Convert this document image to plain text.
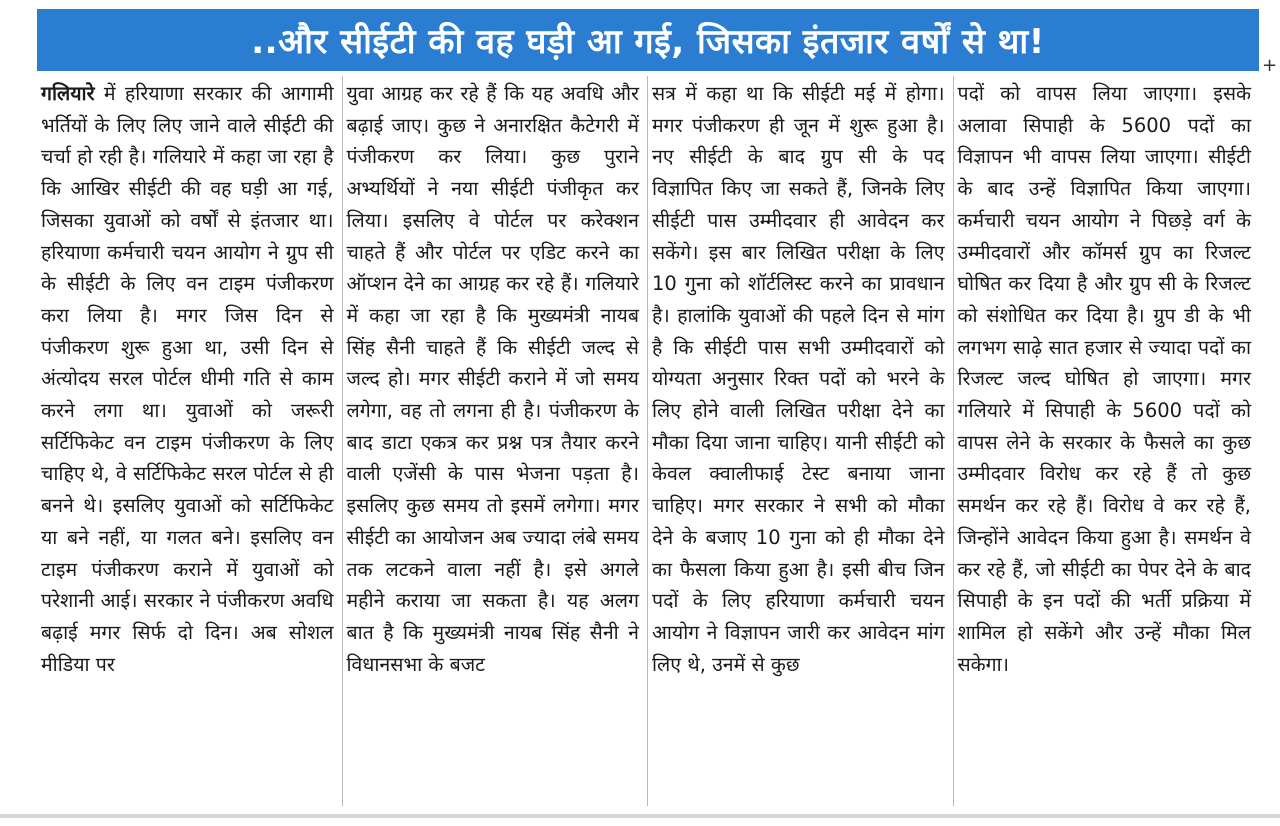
..और सीईटी की वह घड़ी आ गई, जिसका इंतजार वर्षों से था!
+

गलियारे में हरियाणा सरकार की आगामी भर्तियों के लिए लिए जाने वाले सीईटी की चर्चा हो रही है। गलियारे में कहा जा रहा है कि आखिर सीईटी की वह घड़ी आ गई, जिसका युवाओं को वर्षों से इंतजार था। हरियाणा कर्मचारी चयन आयोग ने ग्रुप सी के सीईटी के लिए वन टाइम पंजीकरण करा लिया है। मगर जिस दिन से पंजीकरण शुरू हुआ था, उसी दिन से अंत्योदय सरल पोर्टल धीमी गति से काम करने लगा था। युवाओं को जरूरी सर्टिफिकेट वन टाइम पंजीकरण के लिए चाहिए थे, वे सर्टिफिकेट सरल पोर्टल से ही बनने थे। इसलिए युवाओं को सर्टिफिकेट या बने नहीं, या गलत बने। इसलिए वन टाइम पंजीकरण कराने में युवाओं को परेशानी आई। सरकार ने पंजीकरण अवधि बढ़ाई मगर सिर्फ दो दिन। अब सोशल मीडिया पर

युवा आग्रह कर रहे हैं कि यह अवधि और बढ़ाई जाए। कुछ ने अनारक्षित कैटेगरी में पंजीकरण कर लिया। कुछ पुराने अभ्यर्थियों ने नया सीईटी पंजीकृत कर लिया। इसलिए वे पोर्टल पर करेक्शन चाहते हैं और पोर्टल पर एडिट करने का ऑप्शन देने का आग्रह कर रहे हैं। गलियारे में कहा जा रहा है कि मुख्यमंत्री नायब सिंह सैनी चाहते हैं कि सीईटी जल्द से जल्द हो। मगर सीईटी कराने में जो समय लगेगा, वह तो लगना ही है। पंजीकरण के बाद डाटा एकत्र कर प्रश्न पत्र तैयार करने वाली एजेंसी के पास भेजना पड़ता है। इसलिए कुछ समय तो इसमें लगेगा। मगर सीईटी का आयोजन अब ज्यादा लंबे समय तक लटकने वाला नहीं है। इसे अगले महीने कराया जा सकता है। यह अलग बात है कि मुख्यमंत्री नायब सिंह सैनी ने विधानसभा के बजट

सत्र में कहा था कि सीईटी मई में होगा। मगर पंजीकरण ही जून में शुरू हुआ है। नए सीईटी के बाद ग्रुप सी के पद विज्ञापित किए जा सकते हैं, जिनके लिए सीईटी पास उम्मीदवार ही आवेदन कर सकेंगे। इस बार लिखित परीक्षा के लिए 10 गुना को शॉर्टलिस्ट करने का प्रावधान है। हालांकि युवाओं की पहले दिन से मांग है कि सीईटी पास सभी उम्मीदवारों को योग्यता अनुसार रिक्त पदों को भरने के लिए होने वाली लिखित परीक्षा देने का मौका दिया जाना चाहिए। यानी सीईटी को केवल क्वालीफाई टेस्ट बनाया जाना चाहिए। मगर सरकार ने सभी को मौका देने के बजाए 10 गुना को ही मौका देने का फैसला किया हुआ है। इसी बीच जिन पदों के लिए हरियाणा कर्मचारी चयन आयोग ने विज्ञापन जारी कर आवेदन मांग लिए थे, उनमें से कुछ

पदों को वापस लिया जाएगा। इसके अलावा सिपाही के 5600 पदों का विज्ञापन भी वापस लिया जाएगा। सीईटी के बाद उन्हें विज्ञापित किया जाएगा। कर्मचारी चयन आयोग ने पिछड़े वर्ग के उम्मीदवारों और कॉमर्स ग्रुप का रिजल्ट घोषित कर दिया है और ग्रुप सी के रिजल्ट को संशोधित कर दिया है। ग्रुप डी के भी लगभग साढ़े सात हजार से ज्यादा पदों का रिजल्ट जल्द घोषित हो जाएगा। मगर गलियारे में सिपाही के 5600 पदों को वापस लेने के सरकार के फैसले का कुछ उम्मीदवार विरोध कर रहे हैं तो कुछ समर्थन कर रहे हैं। विरोध वे कर रहे हैं, जिन्होंने आवेदन किया हुआ है। समर्थन वे कर रहे हैं, जो सीईटी का पेपर देने के बाद सिपाही के इन पदों की भर्ती प्रक्रिया में शामिल हो सकेंगे और उन्हें मौका मिल सकेगा।
